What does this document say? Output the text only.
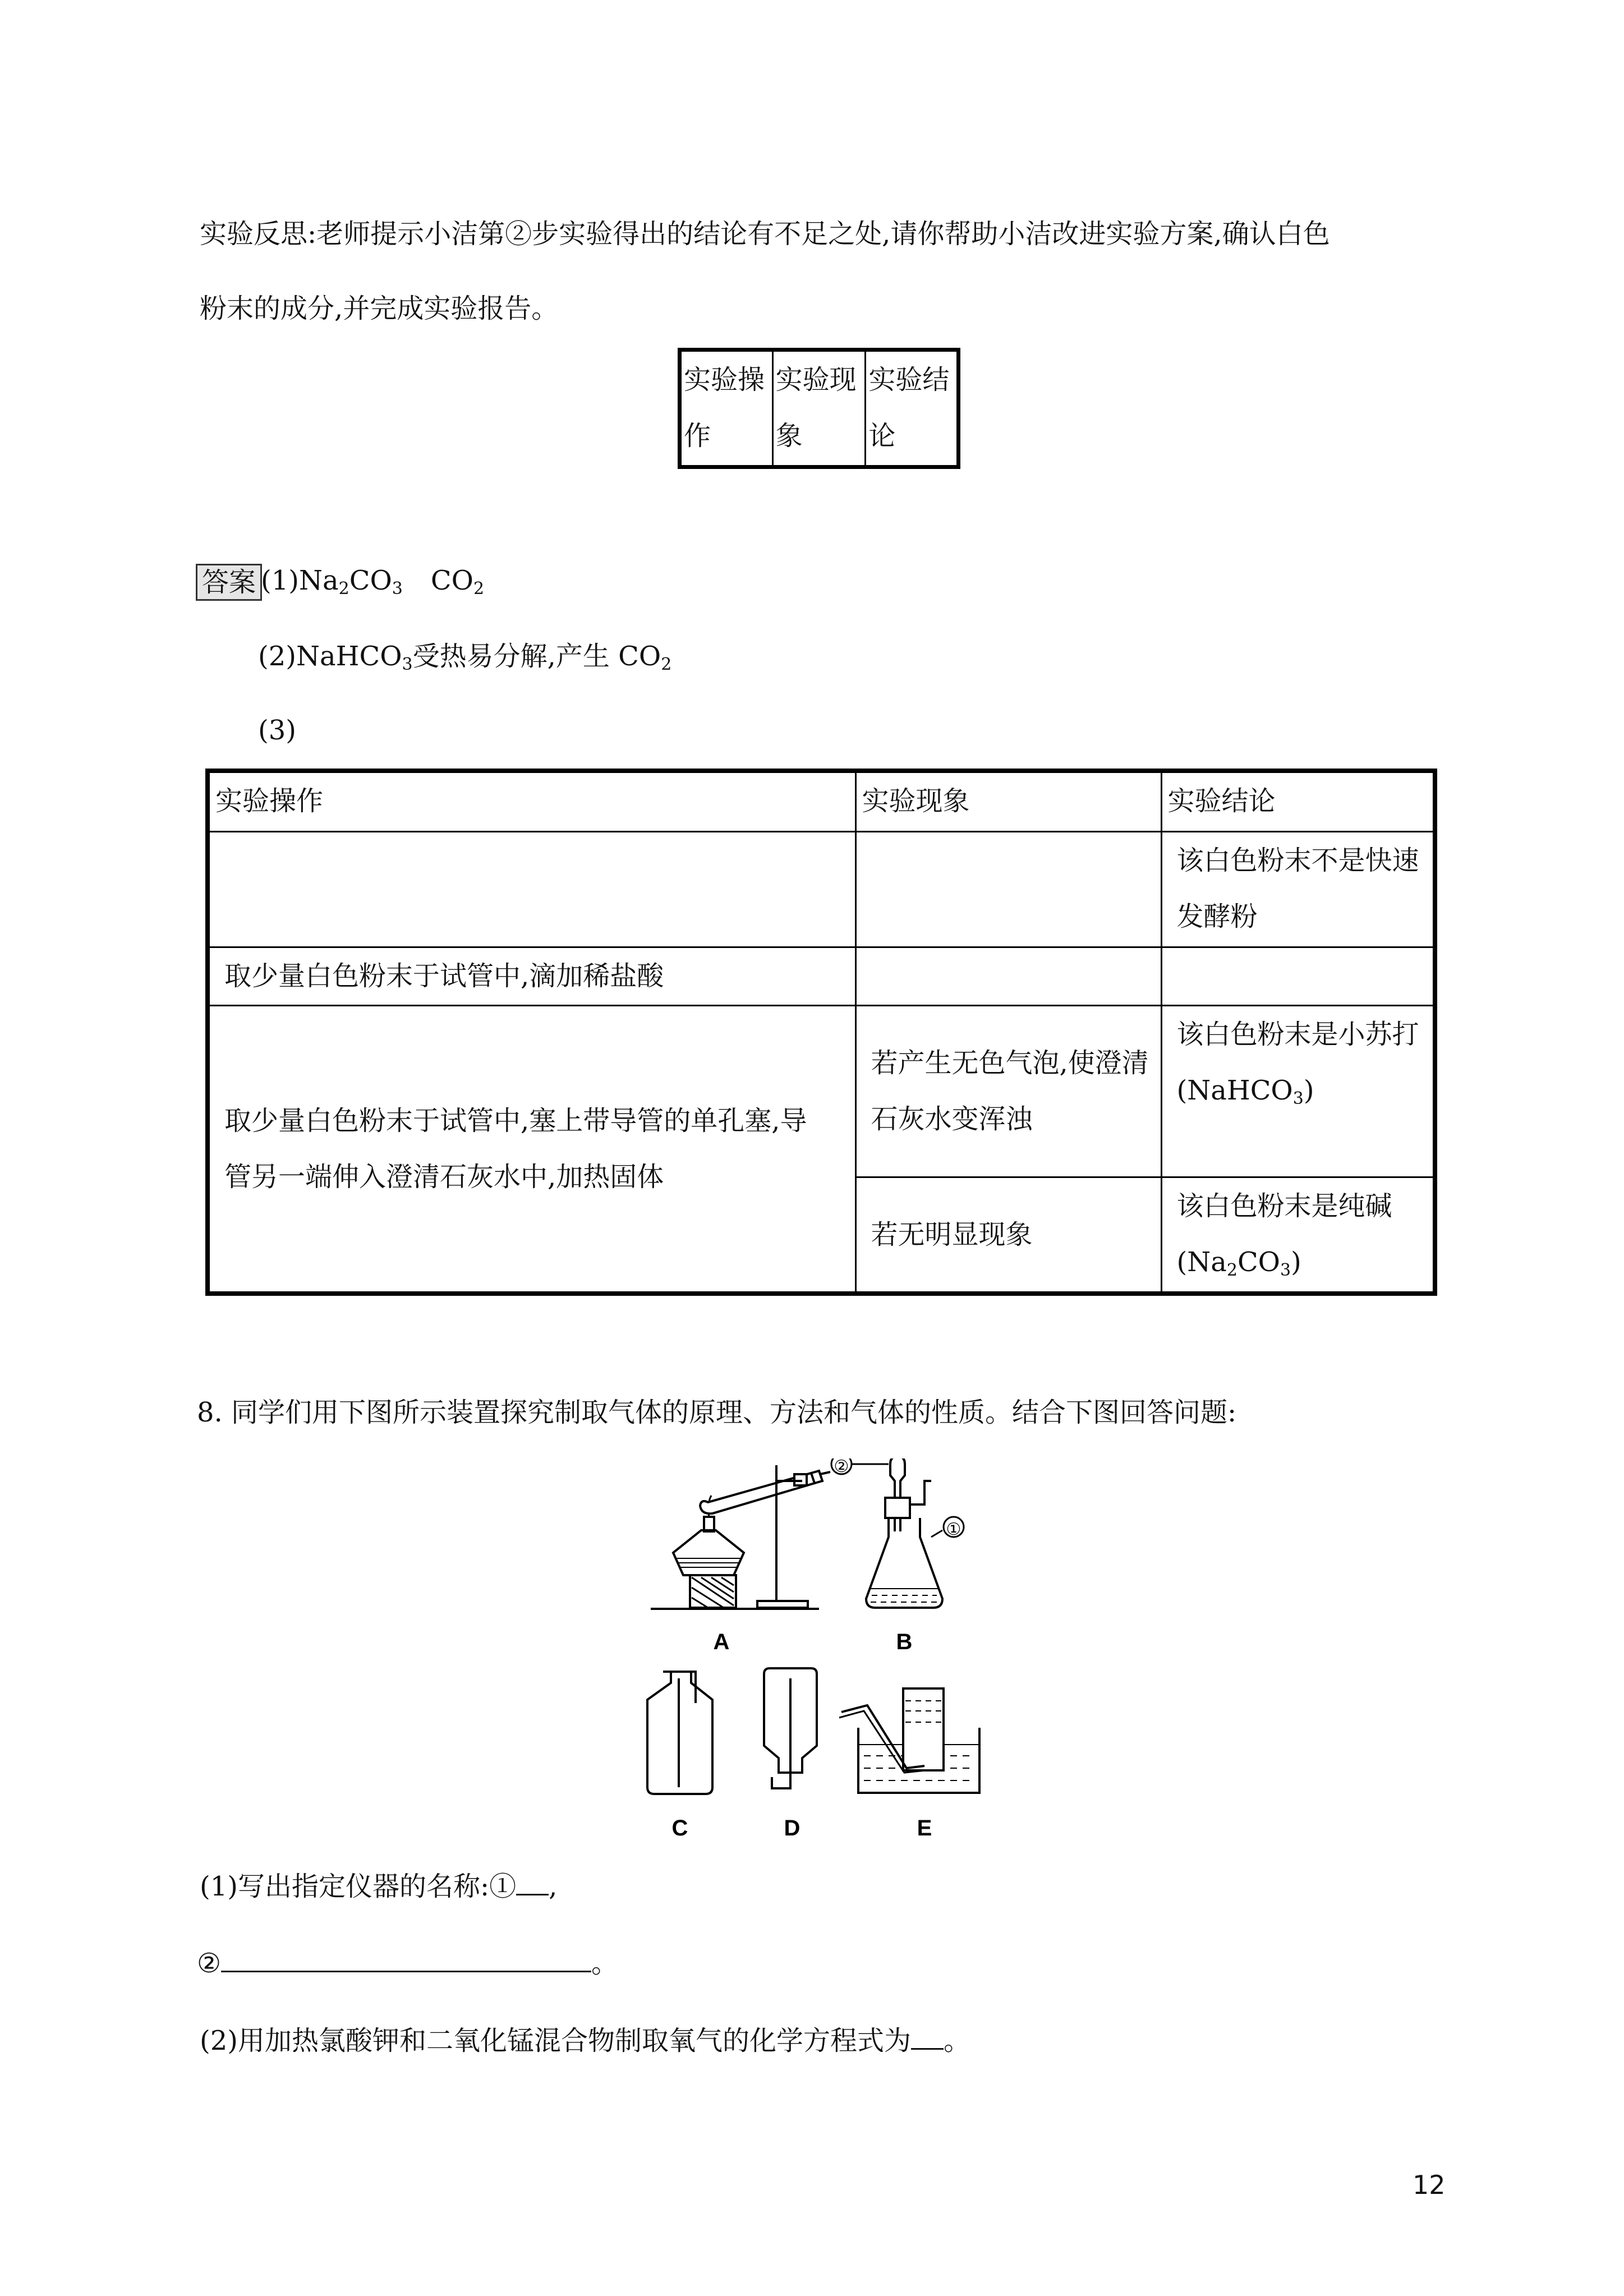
实验反思:老师提示小洁第②步实验得出的结论有不足之处,请你帮助小洁改进实验方案,确认白色
粉末的成分,并完成实验报告。
实验操作	实验现象	实验结论
答案 $(1)Na_2CO_3$ $CO_2$
(2)NaHCO$_3$受热易分解,产生 $CO_2$
(3)
实验操作	实验现象	实验结论
		该白色粉末不是快速发酵粉
取少量白色粉末于试管中,滴加稀盐酸		
取少量白色粉末于试管中,塞上带导管的单孔塞,导管另一端伸入澄清石灰水中,加热固体	若产生无色气泡,使澄清石灰水变浑浊	该白色粉末是小苏打
(NaHCO$_3$)
	若无明显现象	该白色粉末是纯碱
$(Na_2CO_3)$
8. 同学们用下图所示装置探究制取气体的原理、方法和气体的性质。结合下图回答问题:
A	B
C	D	E
①
②
(1)写出指定仪器的名称:① ,
②	。
(2)用加热氯酸钾和二氧化锰混合物制取氧气的化学方程式为 。
12
